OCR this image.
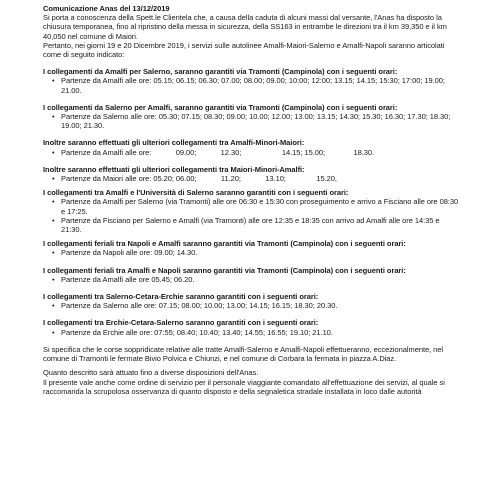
Comunicazione Anas del 13/12/2019

Si porta a conoscenza della Spett.le Clientela che, a causa della caduta di alcuni massi dal versante, l'Anas ha disposto la chiusura temporanea, fino al ripristino della messa in sicurezza, della SS163 in entrambe le direzioni tra il km 39,350 e il km 40,050 nel comune di Maiori.

Pertanto, nei giorni 19 e 20 Dicembre 2019, i servizi sulle autolinee Amalfi-Maiori-Salerno e Amalfi-Napoli saranno articolati come di seguito indicato:

I collegamenti da Amalfi per Salerno, saranno garantiti via Tramonti (Campinola) con i seguenti orari:
• Partenze da Amalfi alle ore: 05.15; 06.15; 06.30; 07.00; 08.00; 09.00; 10:00; 12:00; 13.15; 14.15; 15:30; 17:00; 19.00; 21.00.
I collegamenti da Salerno per Amalfi, saranno garantiti via Tramonti (Campinola) con i seguenti orari:
• Partenze da Salerno alle ore: 05.30; 07.15; 08.30; 09.00; 10.00; 12.00; 13.00; 13.15; 14.30; 15.30; 16.30; 17.30; 18.30; 19.00; 21.30.
Inoltre saranno effettuati gli ulteriori collegamenti tra Amalfi-Minori-Maiori:
• Partenze da Amalfi alle ore:            09.00;            12.30;                    14.15; 15.00;              18.30.
Inoltre saranno effettuati gli ulteriori collegamenti tra Maiori-Minori-Amalfi:
• Partenze da Maiori alle ore: 05.20; 06.00;            11.20;            13.10;               15.20,
I collegamenti tra Amalfi e l'Università di Salerno saranno garantiti con i seguenti orari:
• Partenze da Amalfi per Salerno (via Tramonti) alle ore 06:30 e 15:30 con proseguimento e arrivo a Fisciano alle ore 08:30 e 17:25.
• Partenze da Fisciano per Salerno e Amalfi (via Tramonti) alle ore 12:35 e 18:35 con arrivo ad Amalfi alle ore 14:35 e 21:30.
I collegamenti feriali tra Napoli e Amalfi saranno garantiti via Tramonti (Campinola) con i seguenti orari:
• Partenze da Napoli alle ore: 09.00; 14.30.
I collegamenti feriali tra Amalfi e Napoli saranno garantiti via Tramonti (Campinola) con i seguenti orari:
• Partenze da Amalfi alle ore 05.45; 06.20.
I collegamenti tra Salerno-Cetara-Erchie saranno garantiti con i seguenti orari:
• Partenze da Salerno alle ore: 07.15; 08.00; 10.00; 13.00; 14.15; 16.15; 18.30; 20.30.
I collegamenti tra Erchie-Cetara-Salerno saranno garantiti con i seguenti orari:
• Partenze da Erchie alle ore: 07:55; 08.40; 10.40; 13.40; 14.55; 16.55; 19.10; 21.10.

Si specifica che le corse soppridicate relative alle tratte Amalfi-Salerno e Amalfi-Napoli effettueranno, eccezionalmente, nel comune di Tramonti le fermate Bivio Polvica e Chiunzi, e nel comune di Corbara la fermata in piazza A.Diaz.

Quanto descritto sarà attuato fino a diverse disposizioni dell'Anas.

Il presente vale anche come ordine di servizio per il personale viaggiante comandato all'effettuazione dei servizi, al quale si raccomanda la scrupolosa osservanza di quanto disposto e della segnaletica stradale installata in loco dalle autorità
